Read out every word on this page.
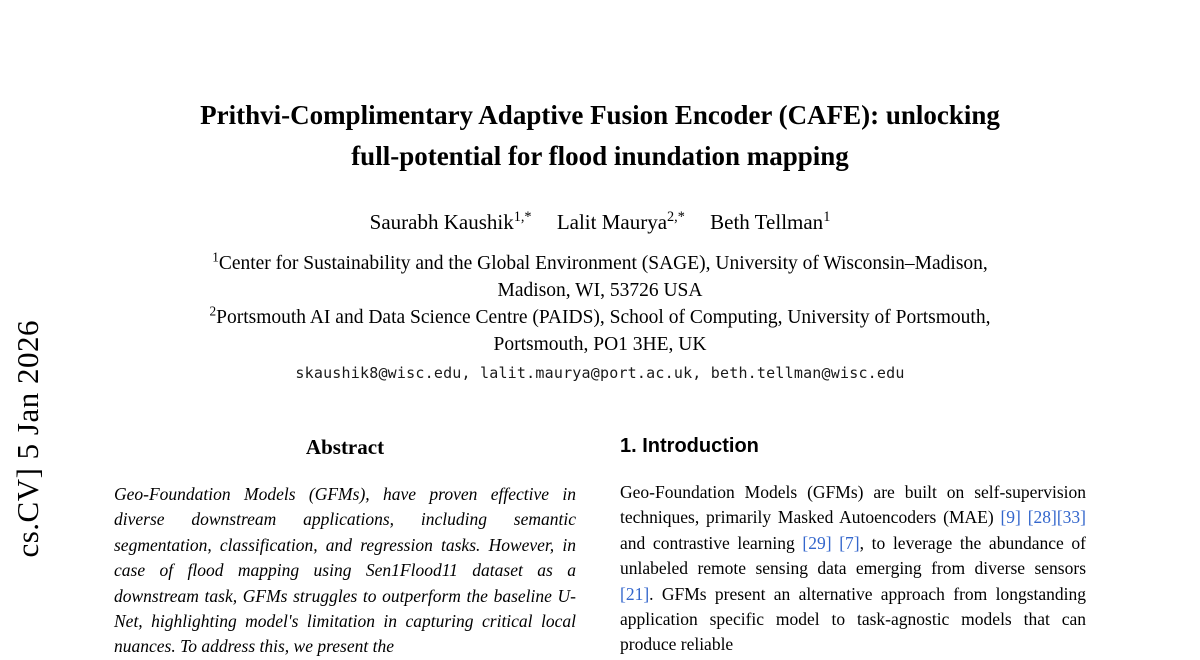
cs.CV] 5 Jan 2026
Prithvi-Complimentary Adaptive Fusion Encoder (CAFE): unlocking
full-potential for flood inundation mapping
Saurabh Kaushik$^{1,*}$ Lalit Maurya$^{2,*}$ Beth Tellman$^1$
$^1$Center for Sustainability and the Global Environment (SAGE), University of Wisconsin–Madison,
Madison, WI, 53726 USA
$^2$Portsmouth AI and Data Science Centre (PAIDS), School of Computing, University of Portsmouth,
Portsmouth, PO1 3HE, UK
skaushik8@wisc.edu, lalit.maurya@port.ac.uk, beth.tellman@wisc.edu
Abstract

Geo-Foundation Models (GFMs), have proven effective in diverse downstream applications, including semantic segmentation, classification, and regression tasks. However, in case of flood mapping using Sen1Flood11 dataset as a downstream task, GFMs struggles to outperform the baseline U-Net, highlighting model's limitation in capturing critical local nuances. To address this, we present the

1. Introduction

Geo-Foundation Models (GFMs) are built on self-supervision techniques, primarily Masked Autoencoders (MAE) [9] [28][33] and contrastive learning [29] [7], to leverage the abundance of unlabeled remote sensing data emerging from diverse sensors [21]. GFMs present an alternative approach from longstanding application specific model to task-agnostic models that can produce reliable
